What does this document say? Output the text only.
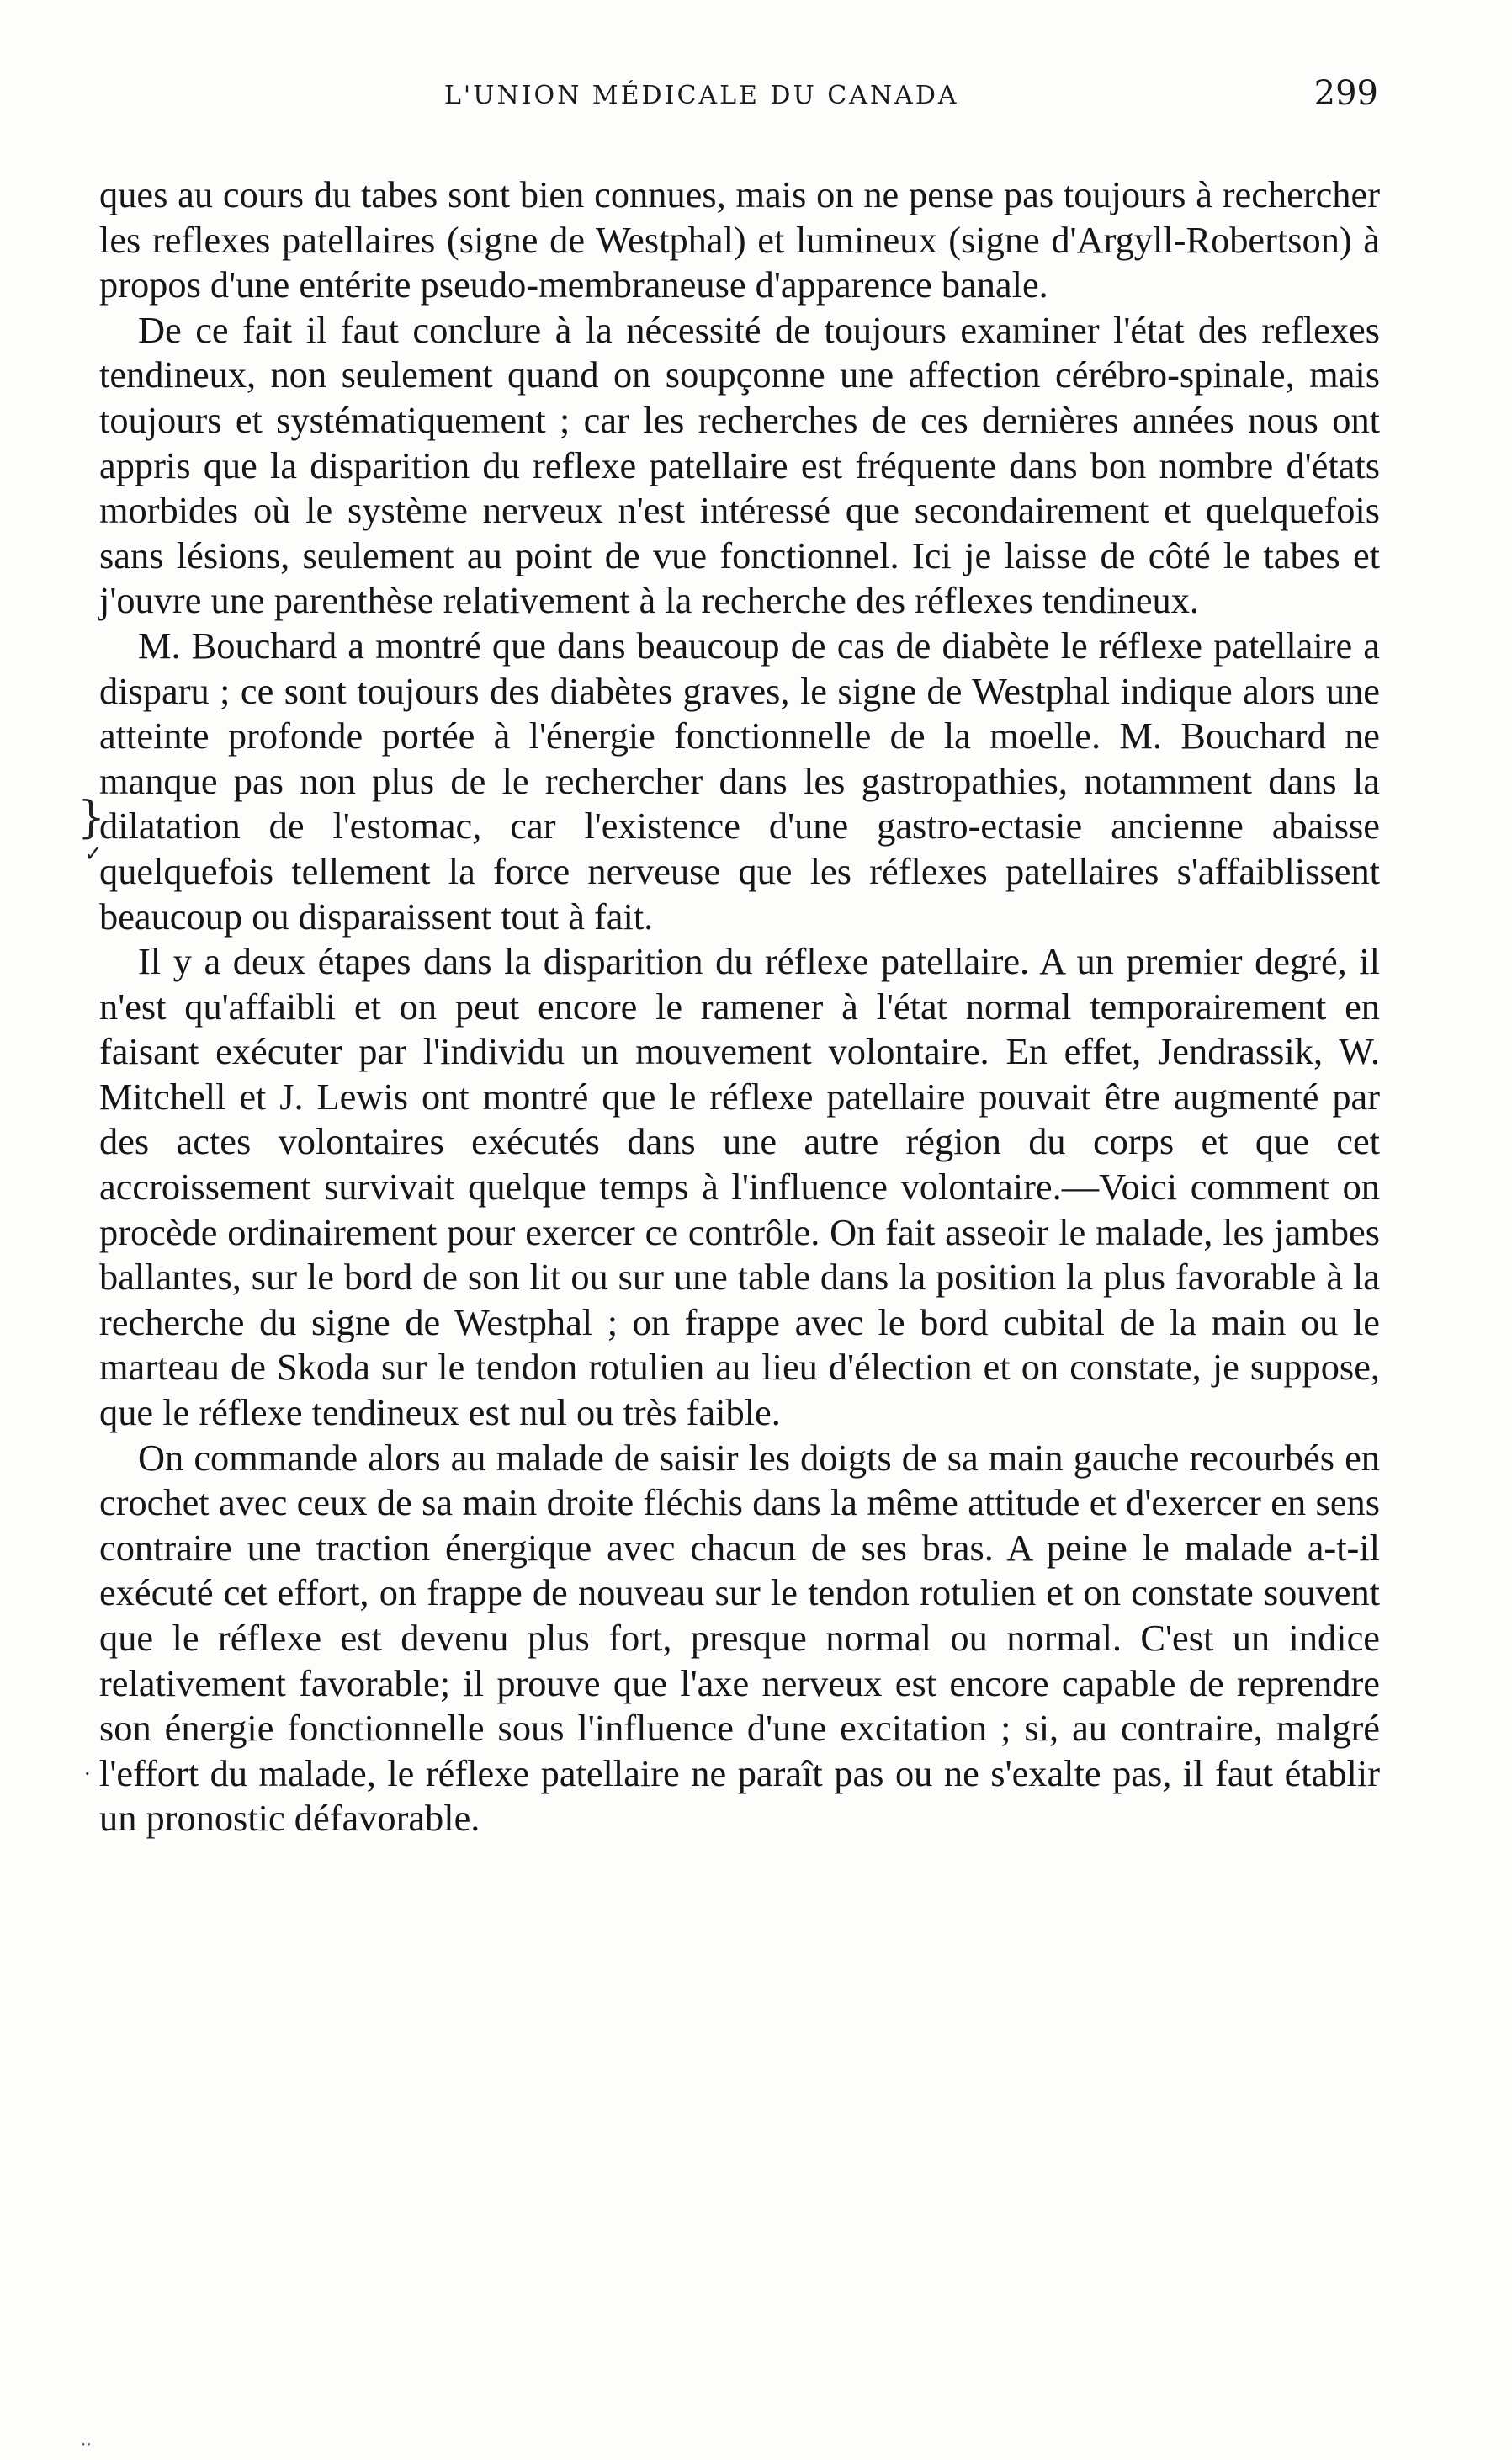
L'UNION MÉDICALE DU CANADA	299

ques au cours du tabes sont bien connues, mais on ne pense pas toujours à rechercher les reflexes patellaires (signe de Westphal) et lumineux (signe d'Argyll-Robertson) à propos d'une entérite pseudo-membraneuse d'apparence banale.

De ce fait il faut conclure à la nécessité de toujours examiner l'état des reflexes tendineux, non seulement quand on soupçonne une affection cérébro-spinale, mais toujours et systématiquement ; car les recherches de ces dernières années nous ont appris que la disparition du reflexe patellaire est fréquente dans bon nombre d'états morbides où le système nerveux n'est intéressé que secondairement et quelquefois sans lésions, seulement au point de vue fonctionnel. Ici je laisse de côté le tabes et j'ouvre une parenthèse relativement à la recherche des réflexes tendineux.

M. Bouchard a montré que dans beaucoup de cas de diabète le réflexe patellaire a disparu ; ce sont toujours des diabètes graves, le signe de Westphal indique alors une atteinte profonde portée à l'énergie fonctionnelle de la moelle. M. Bouchard ne manque pas non plus de le rechercher dans les gastropathies, notamment dans la dilatation de l'estomac, car l'existence d'une gastro-ectasie ancienne abaisse quelquefois tellement la force nerveuse que les réflexes patellaires s'affaiblissent beaucoup ou disparaissent tout à fait.

Il y a deux étapes dans la disparition du réflexe patellaire. A un premier degré, il n'est qu'affaibli et on peut encore le ramener à l'état normal temporairement en faisant exécuter par l'individu un mouvement volontaire. En effet, Jendrassik, W. Mitchell et J. Lewis ont montré que le réflexe patellaire pouvait être augmenté par des actes volontaires exécutés dans une autre région du corps et que cet accroissement survivait quelque temps à l'influence volontaire.—Voici comment on procède ordinairement pour exercer ce contrôle. On fait asseoir le malade, les jambes ballantes, sur le bord de son lit ou sur une table dans la position la plus favorable à la recherche du signe de Westphal ; on frappe avec le bord cubital de la main ou le marteau de Skoda sur le tendon rotulien au lieu d'élection et on constate, je suppose, que le réflexe tendineux est nul ou très faible.

On commande alors au malade de saisir les doigts de sa main gauche recourbés en crochet avec ceux de sa main droite fléchis dans la même attitude et d'exercer en sens contraire une traction énergique avec chacun de ses bras. A peine le malade a-t-il exécuté cet effort, on frappe de nouveau sur le tendon rotulien et on constate souvent que le réflexe est devenu plus fort, presque normal ou normal. C'est un indice relativement favorable; il prouve que l'axe nerveux est encore capable de reprendre son énergie fonctionnelle sous l'influence d'une excitation ; si, au contraire, malgré l'effort du malade, le réflexe patellaire ne paraît pas ou ne s'exalte pas, il faut établir un pronostic défavorable.

}
✓
·
··
